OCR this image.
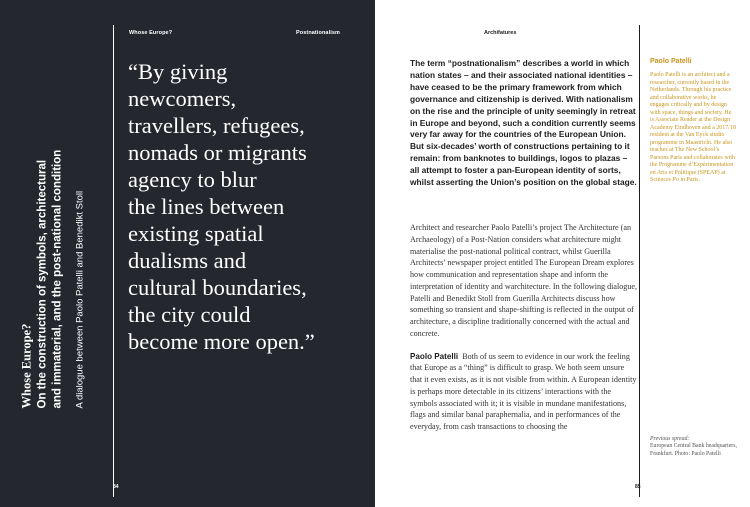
Whose Europe?	Postnationalism
Whose Europe? On the construction of symbols, architectural and immaterial, and the post-national condition A dialogue between Paolo Patelli and Benedikt Stoll
“By giving
newcomers,
travellers, refugees,
nomads or migrants
agency to blur
the lines between
existing spatial
dualisms and
cultural boundaries,
the city could
become more open.”
84
Archifatures

The term “postnationalism” describes a world in which nation states – and their associated national identities – have ceased to be the primary framework from which governance and citizenship is derived. With nationalism on the rise and the principle of unity seemingly in retreat in Europe and beyond, such a condition currently seems very far away for the countries of the European Union. But six-decades’ worth of constructions pertaining to it remain: from banknotes to buildings, logos to plazas – all attempt to foster a pan-European identity of sorts, whilst asserting the Union’s position on the global stage.

Architect and researcher Paolo Patelli’s project The Architecture (an Archaeology) of a Post-Nation considers what architecture might materialise the post-national political contract, whilst Guerilla Architects’ newspaper project entitled The European Dream explores how communication and representation shape and inform the interpretation of identity and warchitecture. In the following dialogue, Patelli and Benedikt Stoll from Guerilla Architects discuss how something so transient and shape-shifting is reflected in the output of architecture, a discipline traditionally concerned with the actual and concrete.

Paolo Patelli Both of us seem to evidence in our work the feeling that Europe as a “thing” is difficult to grasp. We both seem unsure that it even exists, as it is not visible from within. A European identity is perhaps more detectable in its citizens’ interactions with the symbols associated with it; it is visible in mundane manifestations, flags and similar banal paraphernalia, and in performances of the everyday, from cash transactions to choosing the

Paolo Patelli

Paolo Patelli is an architect and a researcher, currently based in the Netherlands. Through his practice and collaborative works, he engages critically and by design with space, things and society. He is Associate Reader at the Design Academy Eindhoven and a 2017/18 resident at the Van Eyck studio programme in Maastricht. He also teaches at The New School’s Parsons Paris and collaborates with the Programme d’Expérimentation en Arts et Politique (SPEAP) at Sciences Po in Paris.

Previous spread:
European Central Bank headquarters, Frankfurt. Photo: Paolo Patelli

85
